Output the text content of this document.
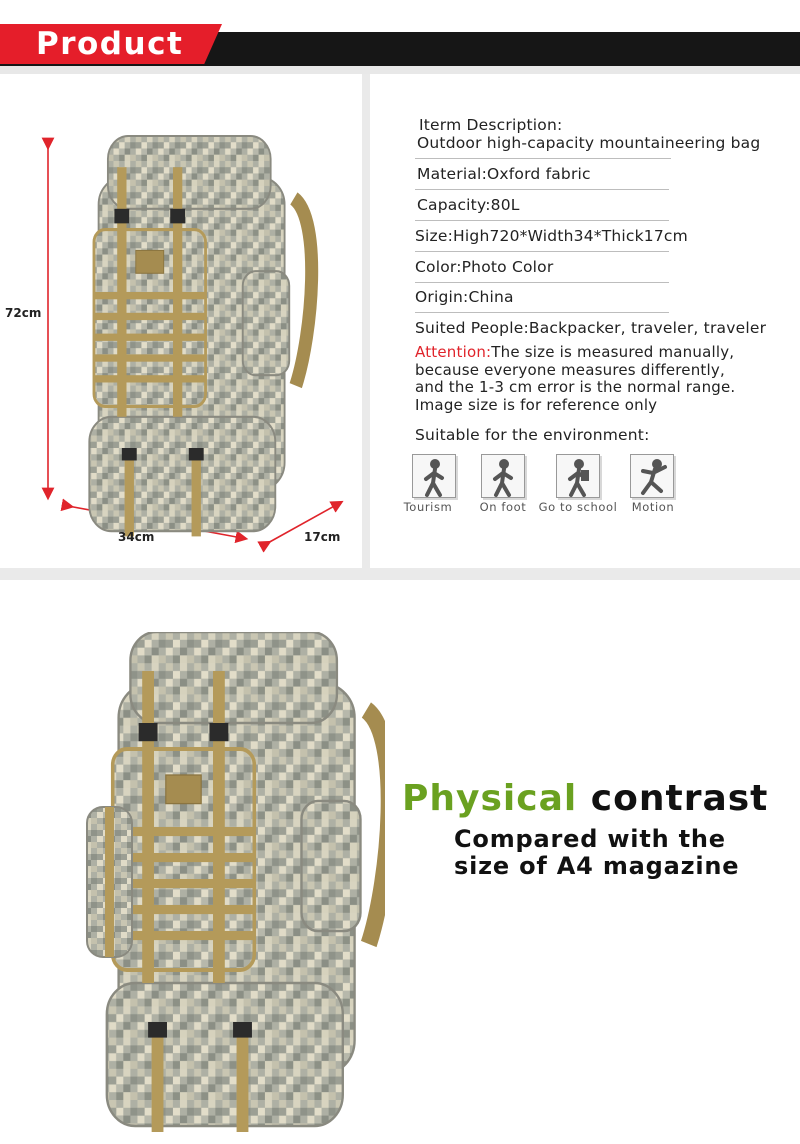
Product
72cm
34cm	17cm
Iterm Description:
Outdoor high-capacity mountaineering bag
Material:Oxford fabric
Capacity:80L
Size:High720*Width34*Thick17cm
Color:Photo Color
Origin:China
Suited People:Backpacker, traveler, traveler
Attention:The size is measured manually,
because everyone measures differently,
and the 1-3 cm error is the normal range.
Image size is for reference only
Suitable for the environment:
Tourism	On foot	Go to school	Motion
Physical contrast
Compared with the
size of A4 magazine
